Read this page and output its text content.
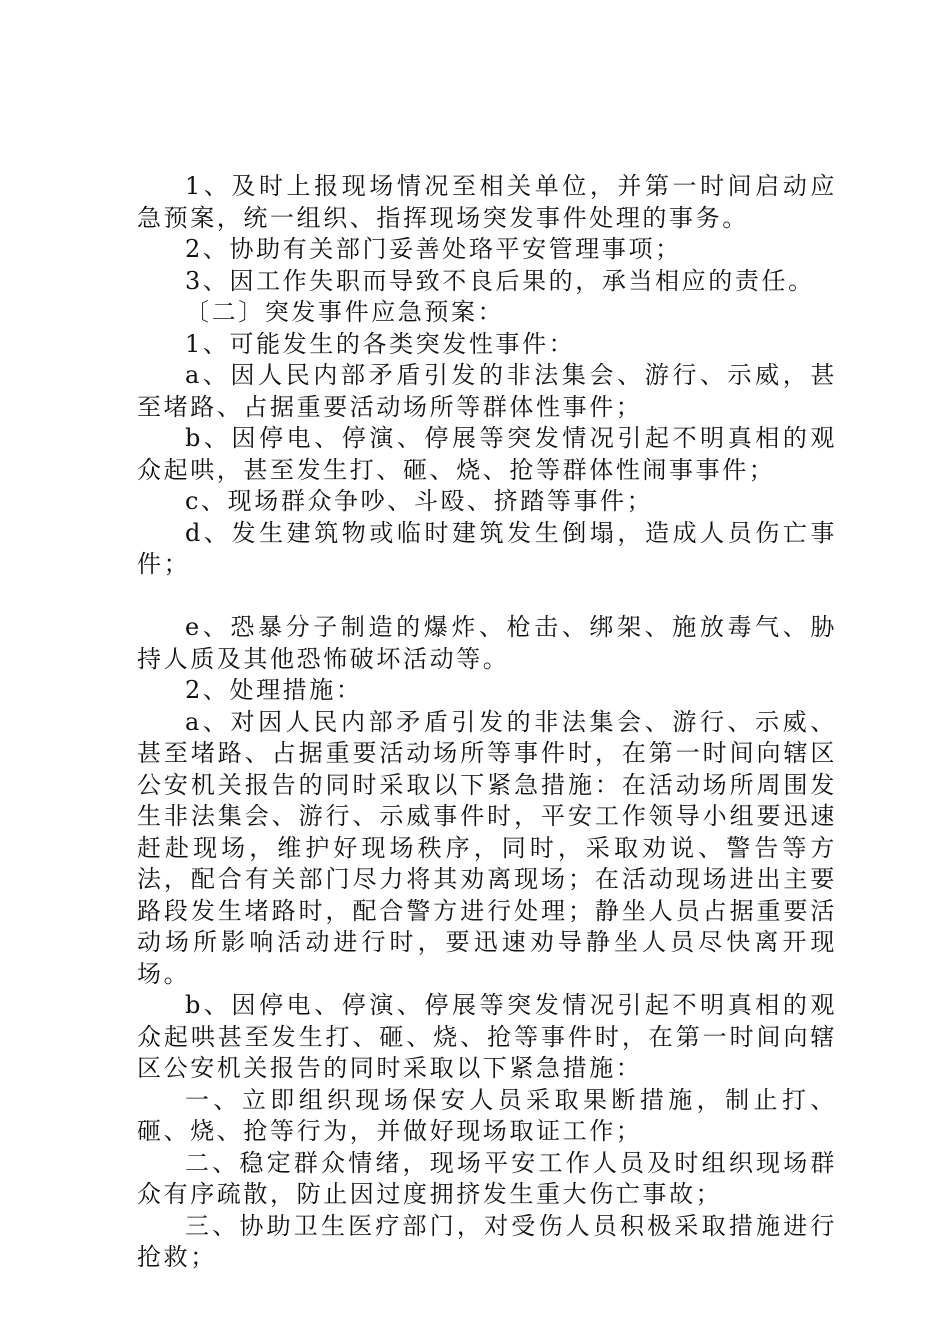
1、及时上报现场情况至相关单位，并第一时间启动应急预案，统一组织、指挥现场突发事件处理的事务。

2、协助有关部门妥善处珞平安管理事项；

3、因工作失职而导致不良后果的，承当相应的责任。

〔二〕突发事件应急预案：

1、可能发生的各类突发性事件：

a、因人民内部矛盾引发的非法集会、游行、示威，甚至堵路、占据重要活动场所等群体性事件；

b、因停电、停演、停展等突发情况引起不明真相的观众起哄，甚至发生打、砸、烧、抢等群体性闹事事件；

c、现场群众争吵、斗殴、挤踏等事件；

d、发生建筑物或临时建筑发生倒塌，造成人员伤亡事件；

e、恐暴分子制造的爆炸、枪击、绑架、施放毒气、胁持人质及其他恐怖破坏活动等。

2、处理措施：

a、对因人民内部矛盾引发的非法集会、游行、示威、甚至堵路、占据重要活动场所等事件时，在第一时间向辖区公安机关报告的同时采取以下紧急措施：在活动场所周围发生非法集会、游行、示威事件时，平安工作领导小组要迅速赶赴现场，维护好现场秩序，同时，采取劝说、警告等方法，配合有关部门尽力将其劝离现场；在活动现场进出主要路段发生堵路时，配合警方进行处理；静坐人员占据重要活动场所影响活动进行时，要迅速劝导静坐人员尽快离开现场。

b、因停电、停演、停展等突发情况引起不明真相的观众起哄甚至发生打、砸、烧、抢等事件时，在第一时间向辖区公安机关报告的同时采取以下紧急措施：

一、立即组织现场保安人员采取果断措施，制止打、砸、烧、抢等行为，并做好现场取证工作；

二、稳定群众情绪，现场平安工作人员及时组织现场群众有序疏散，防止因过度拥挤发生重大伤亡事故；

三、协助卫生医疗部门，对受伤人员积极采取措施进行抢救；
